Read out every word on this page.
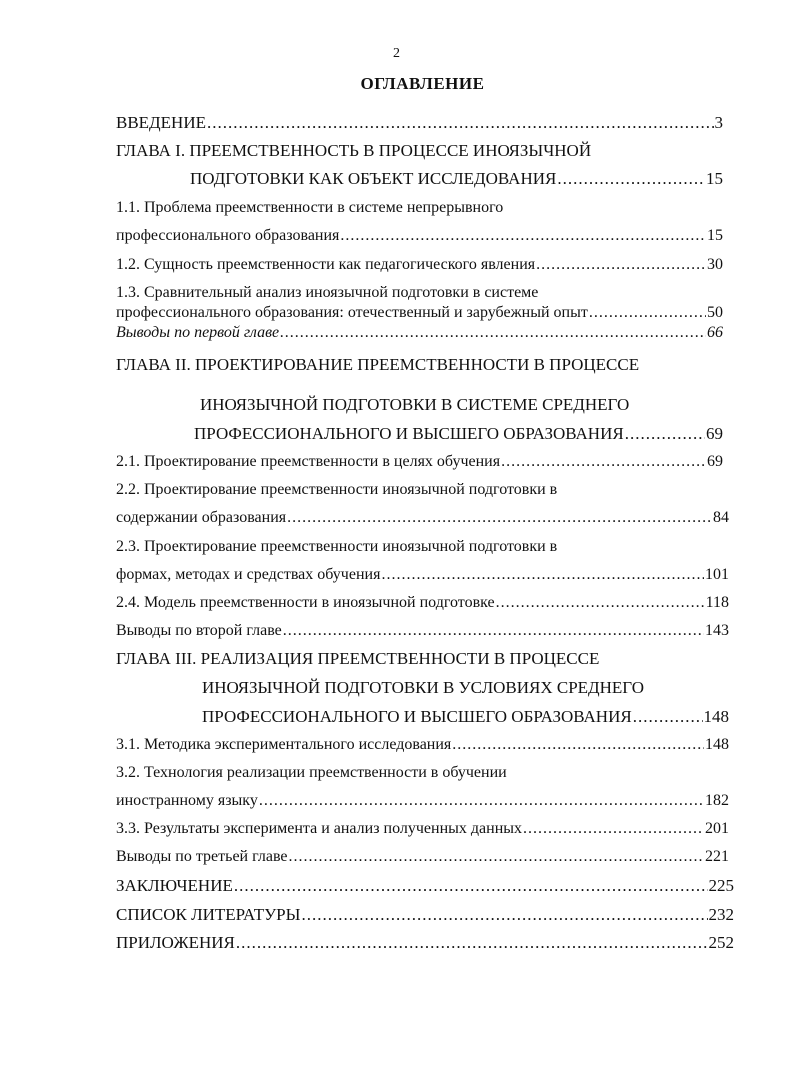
2
ОГЛАВЛЕНИЕ
ВВЕДЕНИЕ .....	3
ГЛАВА I. ПРЕЕМСТВЕННОСТЬ В ПРОЦЕССЕ ИНОЯЗЫЧНОЙ
ПОДГОТОВКИ КАК ОБЪЕКТ ИССЛЕДОВАНИЯ .....	15
1.1. Проблема преемственности в системе непрерывного
профессионального образования .....	15
1.2. Сущность преемственности как педагогического явления .....	30
1.3. Сравнительный анализ иноязычной подготовки в системе
профессионального образования: отечественный и зарубежный опыт .....	50
Выводы по первой главе .....	66
ГЛАВА II. ПРОЕКТИРОВАНИЕ ПРЕЕМСТВЕННОСТИ В ПРОЦЕССЕ
ИНОЯЗЫЧНОЙ ПОДГОТОВКИ В СИСТЕМЕ СРЕДНЕГО
ПРОФЕССИОНАЛЬНОГО И ВЫСШЕГО ОБРАЗОВАНИЯ .....	69
2.1. Проектирование преемственности в целях обучения .....	69
2.2. Проектирование преемственности иноязычной подготовки в
содержании образования .....	84
2.3. Проектирование преемственности иноязычной подготовки в
формах, методах и средствах обучения .....	101
2.4. Модель преемственности в иноязычной подготовке .....	118
Выводы по второй главе .....	143
ГЛАВА III. РЕАЛИЗАЦИЯ ПРЕЕМСТВЕННОСТИ В ПРОЦЕССЕ
ИНОЯЗЫЧНОЙ ПОДГОТОВКИ В УСЛОВИЯХ СРЕДНЕГО
ПРОФЕССИОНАЛЬНОГО И ВЫСШЕГО ОБРАЗОВАНИЯ .....	148
3.1. Методика экспериментального исследования .....	148
3.2. Технология реализации преемственности в обучении
иностранному языку .....	182
3.3. Результаты эксперимента и анализ полученных данных .....	201
Выводы по третьей главе .....	221
ЗАКЛЮЧЕНИЕ .....	225
СПИСОК ЛИТЕРАТУРЫ .....	232
ПРИЛОЖЕНИЯ .....	252
